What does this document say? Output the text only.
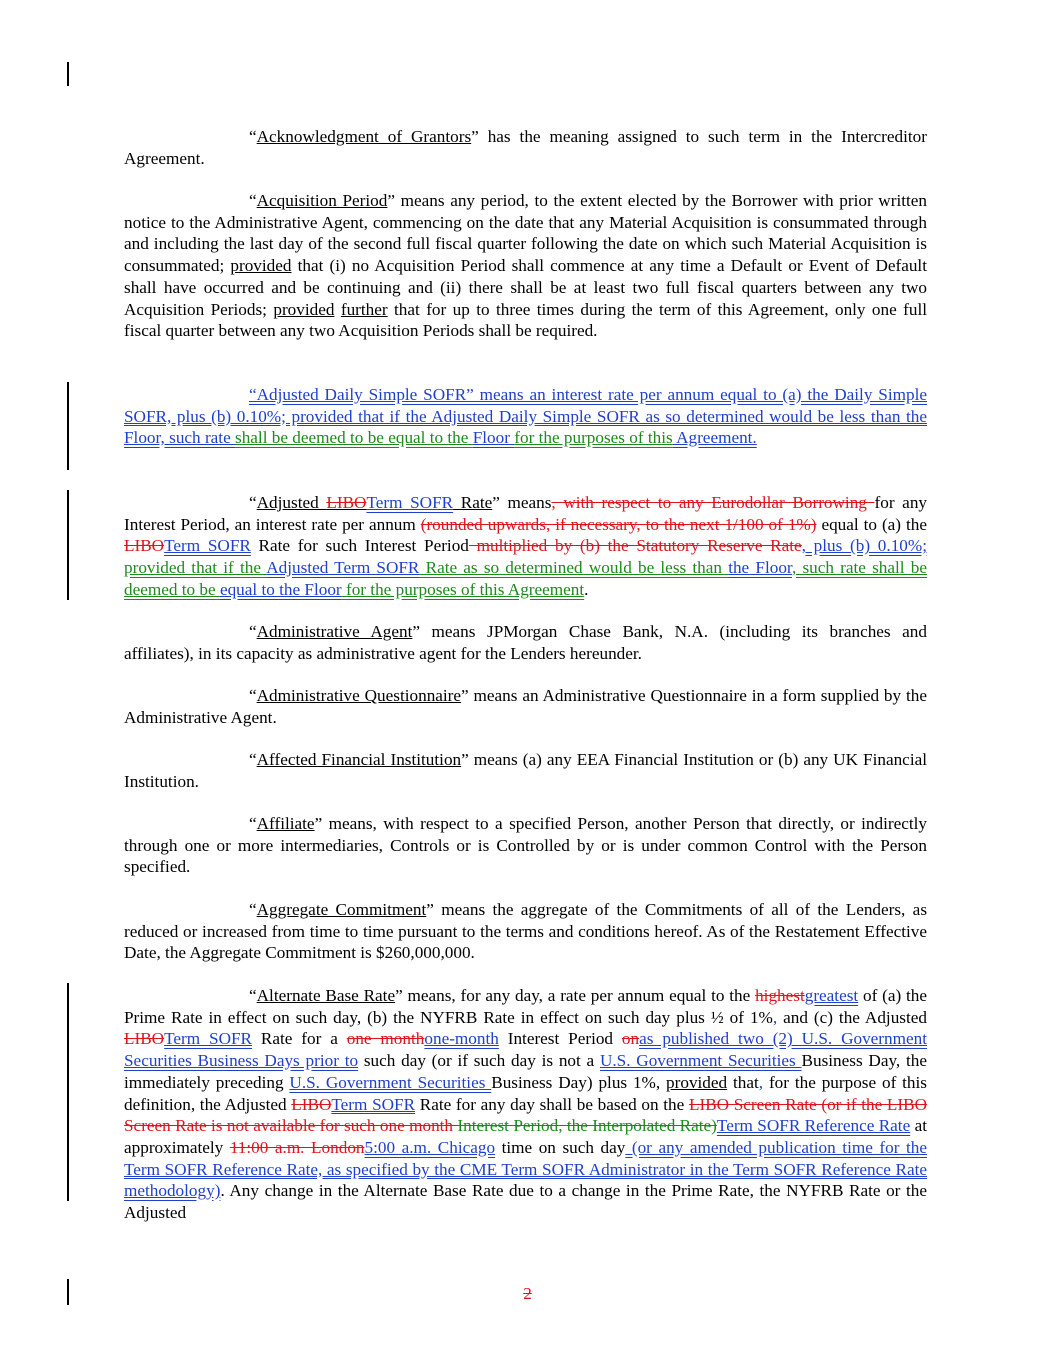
“Acknowledgment of Grantors” has the meaning assigned to such term in the Intercreditor Agreement.

“Acquisition Period” means any period, to the extent elected by the Borrower with prior written notice to the Administrative Agent, commencing on the date that any Material Acquisition is consummated through and including the last day of the second full fiscal quarter following the date on which such Material Acquisition is consummated; provided that (i) no Acquisition Period shall commence at any time a Default or Event of Default shall have occurred and be continuing and (ii) there shall be at least two full fiscal quarters between any two Acquisition Periods; provided further that for up to three times during the term of this Agreement, only one full fiscal quarter between any two Acquisition Periods shall be required.

“Adjusted Daily Simple SOFR” means an interest rate per annum equal to (a) the Daily Simple SOFR, plus (b) 0.10%; provided that if the Adjusted Daily Simple SOFR as so determined would be less than the Floor, such rate shall be deemed to be equal to the Floor for the purposes of this Agreement.

“Adjusted LIBOTerm SOFR Rate” means, with respect to any Eurodollar Borrowing for any Interest Period, an interest rate per annum (rounded upwards, if necessary, to the next 1/100 of 1%) equal to (a) the LIBOTerm SOFR Rate for such Interest Period multiplied by (b) the Statutory Reserve Rate, plus (b) 0.10%; provided that if the Adjusted Term SOFR Rate as so determined would be less than the Floor, such rate shall be deemed to be equal to the Floor for the purposes of this Agreement.

“Administrative Agent” means JPMorgan Chase Bank, N.A. (including its branches and affiliates), in its capacity as administrative agent for the Lenders hereunder.

“Administrative Questionnaire” means an Administrative Questionnaire in a form supplied by the Administrative Agent.

“Affected Financial Institution” means (a) any EEA Financial Institution or (b) any UK Financial Institution.

“Affiliate” means, with respect to a specified Person, another Person that directly, or indirectly through one or more intermediaries, Controls or is Controlled by or is under common Control with the Person specified.

“Aggregate Commitment” means the aggregate of the Commitments of all of the Lenders, as reduced or increased from time to time pursuant to the terms and conditions hereof. As of the Restatement Effective Date, the Aggregate Commitment is $260,000,000.

“Alternate Base Rate” means, for any day, a rate per annum equal to the highestgreatest of (a) the Prime Rate in effect on such day, (b) the NYFRB Rate in effect on such day plus ½ of 1%, and (c) the Adjusted LIBOTerm SOFR Rate for a one monthone-month Interest Period onas published two (2) U.S. Government Securities Business Days prior to such day (or if such day is not a U.S. Government Securities Business Day, the immediately preceding U.S. Government Securities Business Day) plus 1%, provided that, for the purpose of this definition, the Adjusted LIBOTerm SOFR Rate for any day shall be based on the LIBO Screen Rate (or if the LIBO Screen Rate is not available for such one month Interest Period, the Interpolated Rate)Term SOFR Reference Rate at approximately 11:00 a.m. London5:00 a.m. Chicago time on such day (or any amended publication time for the Term SOFR Reference Rate, as specified by the CME Term SOFR Administrator in the Term SOFR Reference Rate methodology). Any change in the Alternate Base Rate due to a change in the Prime Rate, the NYFRB Rate or the Adjusted

2
